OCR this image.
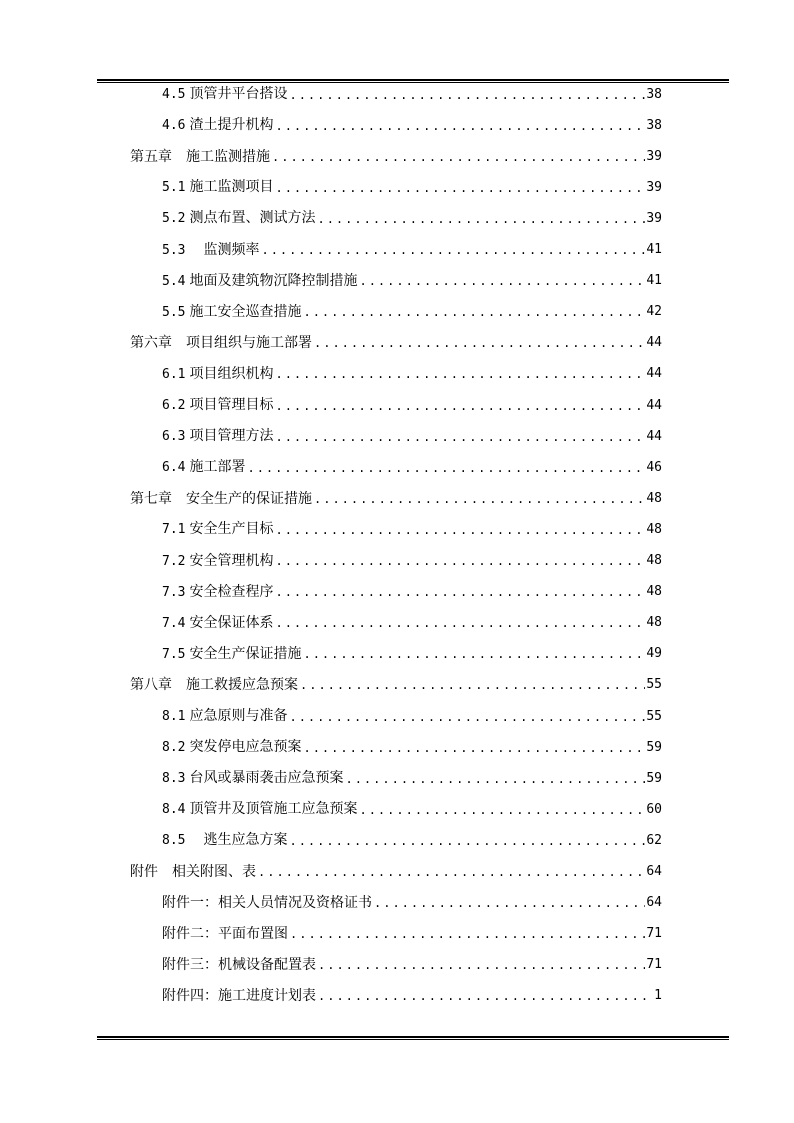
4.5 顶管井平台搭设 .....	38
4.6 渣土提升机构 .....	38
第五章　施工监测措施 .....	39
5.1 施工监测项目 .....	39
5.2 测点布置、测试方法 .....	39
5.3　监测频率 .....	41
5.4 地面及建筑物沉降控制措施 .....	41
5.5 施工安全巡查措施 .....	42
第六章　项目组织与施工部署 .....	44
6.1 项目组织机构 .....	44
6.2 项目管理目标 .....	44
6.3 项目管理方法 .....	44
6.4 施工部署 .....	46
第七章　安全生产的保证措施 .....	48
7.1 安全生产目标 .....	48
7.2 安全管理机构 .....	48
7.3 安全检查程序 .....	48
7.4 安全保证体系 .....	48
7.5 安全生产保证措施 .....	49
第八章　施工救援应急预案 .....	55
8.1 应急原则与准备 .....	55
8.2 突发停电应急预案 .....	59
8.3 台风或暴雨袭击应急预案 .....	59
8.4 顶管井及顶管施工应急预案 .....	60
8.5　逃生应急方案 .....	62
附件　相关附图、表 .....	64
附件一：相关人员情况及资格证书 .....	64
附件二：平面布置图 .....	71
附件三：机械设备配置表 .....	71
附件四：施工进度计划表 .....	1
